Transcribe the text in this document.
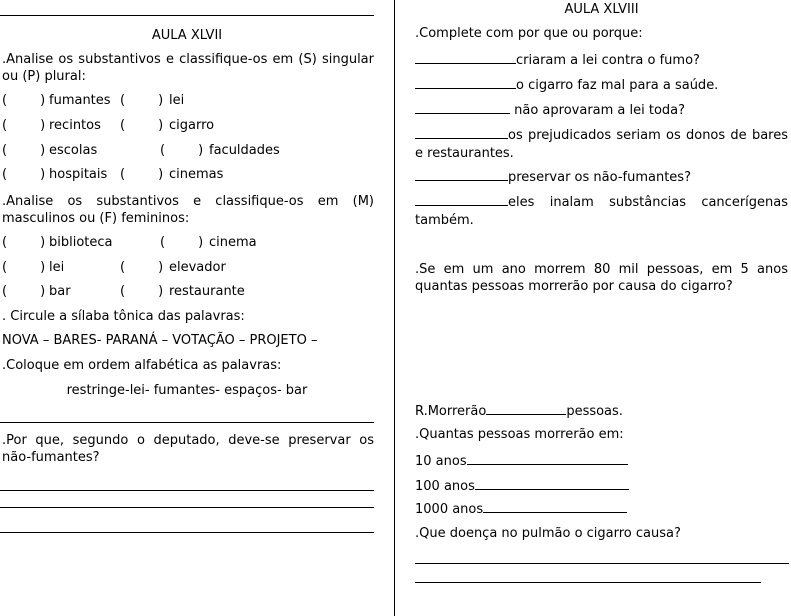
AULA XLVII
.Analise os substantivos e classifique-os em (S) singular ou (P) plural:
(        ) fumantes (        ) lei
(        ) recintos (        ) cigarro
(        ) escolas	(        ) faculdades
(        ) hospitais (        ) cinemas
.Analise os substantivos e classifique-os em (M) masculinos ou (F) femininos:
(        ) biblioteca	(        ) cinema
(        ) lei	(        ) elevador
(        ) bar	(        ) restaurante
. Circule a sílaba tônica das palavras:
NOVA – BARES- PARANÁ – VOTAÇÃO – PROJETO –
.Coloque em ordem alfabética as palavras:
restringe-lei- fumantes- espaços- bar
.Por que, segundo o deputado, deve-se preservar os não-fumantes?
AULA XLVIII
.Complete com por que ou porque:
criaram a lei contra o fumo?
o cigarro faz mal para a saúde.
não aprovaram a lei toda?
os prejudicados seriam os donos de bares e restaurantes.
preservar os não-fumantes?
eles inalam substâncias cancerígenas também.
.Se em um ano morrem 80 mil pessoas, em 5 anos quantas pessoas morrerão por causa do cigarro?
R.Morrerão	pessoas.
.Quantas pessoas morrerão em:
10 anos
100 anos
1000 anos
.Que doença no pulmão o cigarro causa?
